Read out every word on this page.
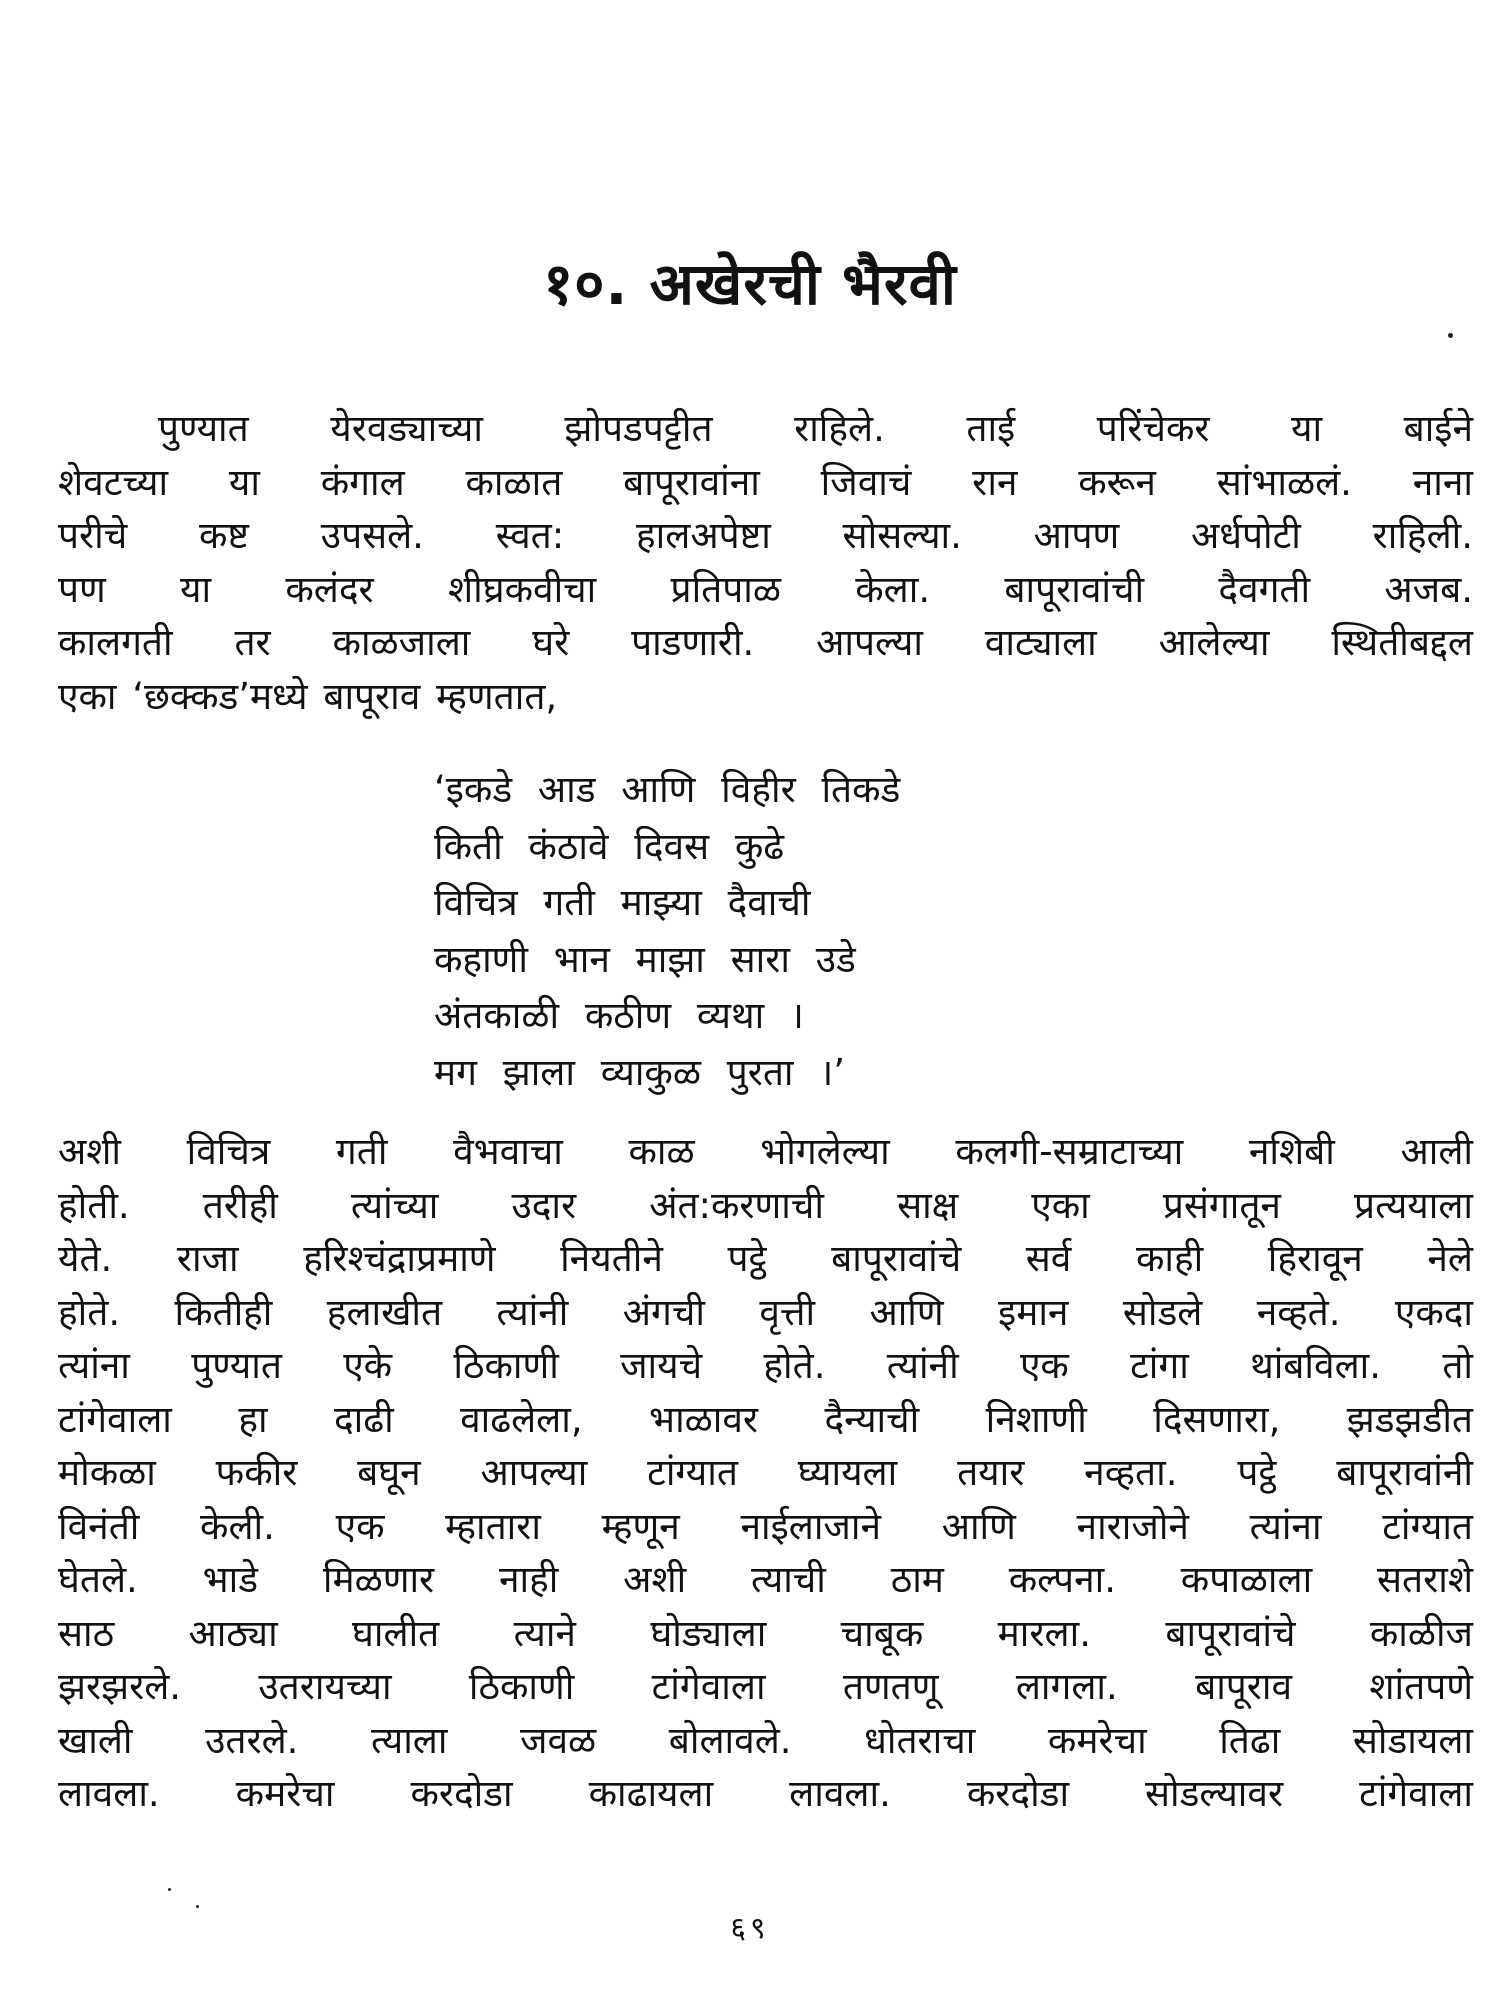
१०. अखेरची भैरवी
पुण्यात येरवड्याच्या झोपडपट्टीत राहिले. ताई परिंचेकर या बाईने
शेवटच्या या कंगाल काळात बापूरावांना जिवाचं रान करून सांभाळलं. नाना
परीचे कष्ट उपसले. स्वत: हालअपेष्टा सोसल्या. आपण अर्धपोटी राहिली.
पण या कलंदर शीघ्रकवीचा प्रतिपाळ केला. बापूरावांची दैवगती अजब.
कालगती तर काळजाला घरे पाडणारी. आपल्या वाट्याला आलेल्या स्थितीबद्दल
एका ‘छक्कड’मध्ये बापूराव म्हणतात,
‘इकडे आड आणि विहीर तिकडे
किती कंठावे दिवस कुढे
विचित्र गती माझ्या दैवाची
कहाणी भान माझा सारा उडे
अंतकाळी कठीण व्यथा ।
मग झाला व्याकुळ पुरता ।’
अशी विचित्र गती वैभवाचा काळ भोगलेल्या कलगी-सम्राटाच्या नशिबी आली
होती. तरीही त्यांच्या उदार अंत:करणाची साक्ष एका प्रसंगातून प्रत्ययाला
येते. राजा हरिश्चंद्राप्रमाणे नियतीने पट्ठे बापूरावांचे सर्व काही हिरावून नेले
होते. कितीही हलाखीत त्यांनी अंगची वृत्ती आणि इमान सोडले नव्हते. एकदा
त्यांना पुण्यात एके ठिकाणी जायचे होते. त्यांनी एक टांगा थांबविला. तो
टांगेवाला हा दाढी वाढलेला, भाळावर दैन्याची निशाणी दिसणारा, झडझडीत
मोकळा फकीर बघून आपल्या टांग्यात घ्यायला तयार नव्हता. पट्ठे बापूरावांनी
विनंती केली. एक म्हातारा म्हणून नाईलाजाने आणि नाराजोने त्यांना टांग्यात
घेतले. भाडे मिळणार नाही अशी त्याची ठाम कल्पना. कपाळाला सतराशे
साठ आठ्या घालीत त्याने घोड्याला चाबूक मारला. बापूरावांचे काळीज
झरझरले. उतरायच्या ठिकाणी टांगेवाला तणतणू लागला. बापूराव शांतपणे
खाली उतरले. त्याला जवळ बोलावले. धोतराचा कमरेचा तिढा सोडायला
लावला. कमरेचा करदोडा काढायला लावला. करदोडा सोडल्यावर टांगेवाला
६९
